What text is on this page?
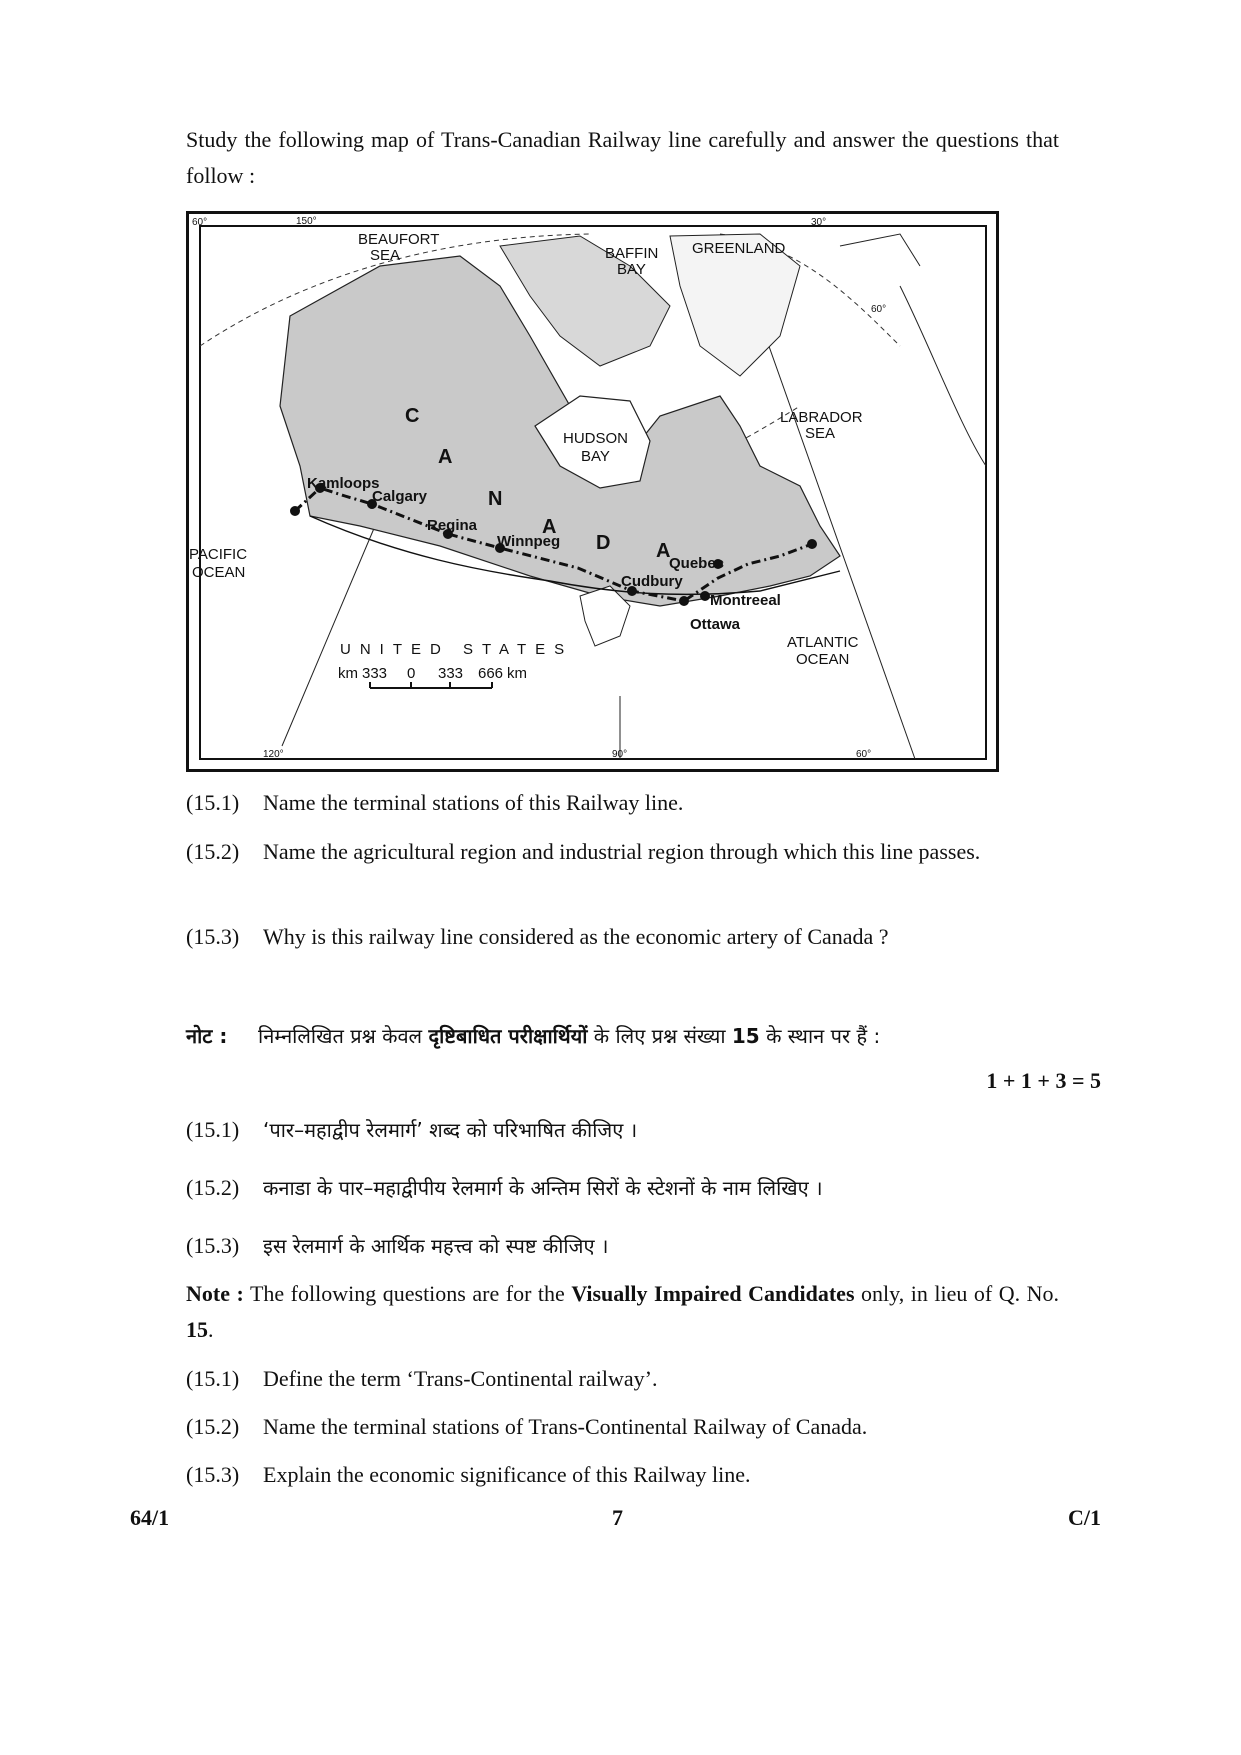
Study the following map of Trans-Canadian Railway line carefully and answer the questions that follow :
BEAUFORT
SEA	BAFFIN
BAY
GREENLAND
LABRADOR
SEA
HUDSON
BAY
PACIFIC
OCEAN
ATLANTIC
OCEAN
UNITED STATES
C
A
N
A
D A
Kamloops
Calgary
Regina
Winnpeg
Quebec
Cudbury
Montreeal
Ottawa
60°	150°	30°
60°
120°	90°	60°
km 333 0 333 666 km
(15.1) Name the terminal stations of this Railway line.
(15.2) Name the agricultural region and industrial region through which this line passes.
(15.3) Why is this railway line considered as the economic artery of Canada ?
नोट : निम्नलिखित प्रश्न केवल दृष्टिबाधित परीक्षार्थियों के लिए प्रश्न संख्या 15 के स्थान पर हैं :
1 + 1 + 3 = 5
(15.1) ‘पार–महाद्वीप रेलमार्ग’ शब्द को परिभाषित कीजिए ।
(15.2) कनाडा के पार–महाद्वीपीय रेलमार्ग के अन्तिम सिरों के स्टेशनों के नाम लिखिए ।
(15.3) इस रेलमार्ग के आर्थिक महत्त्व को स्पष्ट कीजिए ।
Note : The following questions are for the Visually Impaired Candidates only, in lieu of Q. No. 15.
(15.1) Define the term ‘Trans-Continental railway’.
(15.2) Name the terminal stations of Trans-Continental Railway of Canada.
(15.3) Explain the economic significance of this Railway line.
64/1	7	C/1
